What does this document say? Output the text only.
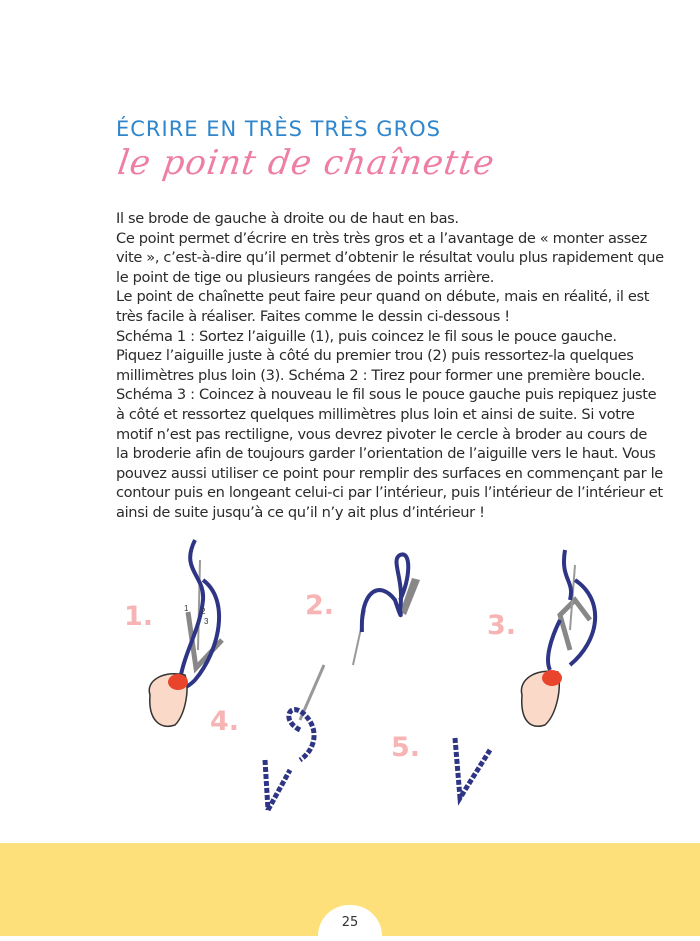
ÉCRIRE EN TRÈS TRÈS GROS
le point de chaînette
Il se brode de gauche à droite ou de haut en bas.
Ce point permet d’écrire en très très gros et a l’avantage de « monter assez
vite », c’est-à-dire qu’il permet d’obtenir le résultat voulu plus rapidement que
le point de tige ou plusieurs rangées de points arrière.
Le point de chaînette peut faire peur quand on débute, mais en réalité, il est
très facile à réaliser. Faites comme le dessin ci-dessous !
Schéma 1 : Sortez l’aiguille (1), puis coincez le fil sous le pouce gauche.
Piquez l’aiguille juste à côté du premier trou (2) puis ressortez-la quelques
millimètres plus loin (3). Schéma 2 : Tirez pour former une première boucle.
Schéma 3 : Coincez à nouveau le fil sous le pouce gauche puis repiquez juste
à côté et ressortez quelques millimètres plus loin et ainsi de suite. Si votre
motif n’est pas rectiligne, vous devrez pivoter le cercle à broder au cours de
la broderie afin de toujours garder l’orientation de l’aiguille vers le haut. Vous
pouvez aussi utiliser ce point pour remplir des surfaces en commençant par le
contour puis en longeant celui-ci par l’intérieur, puis l’intérieur de l’intérieur et
ainsi de suite jusqu’à ce qu’il n’y ait plus d’intérieur !
1 2
3
1.	2.
3.
4.
5.
25
